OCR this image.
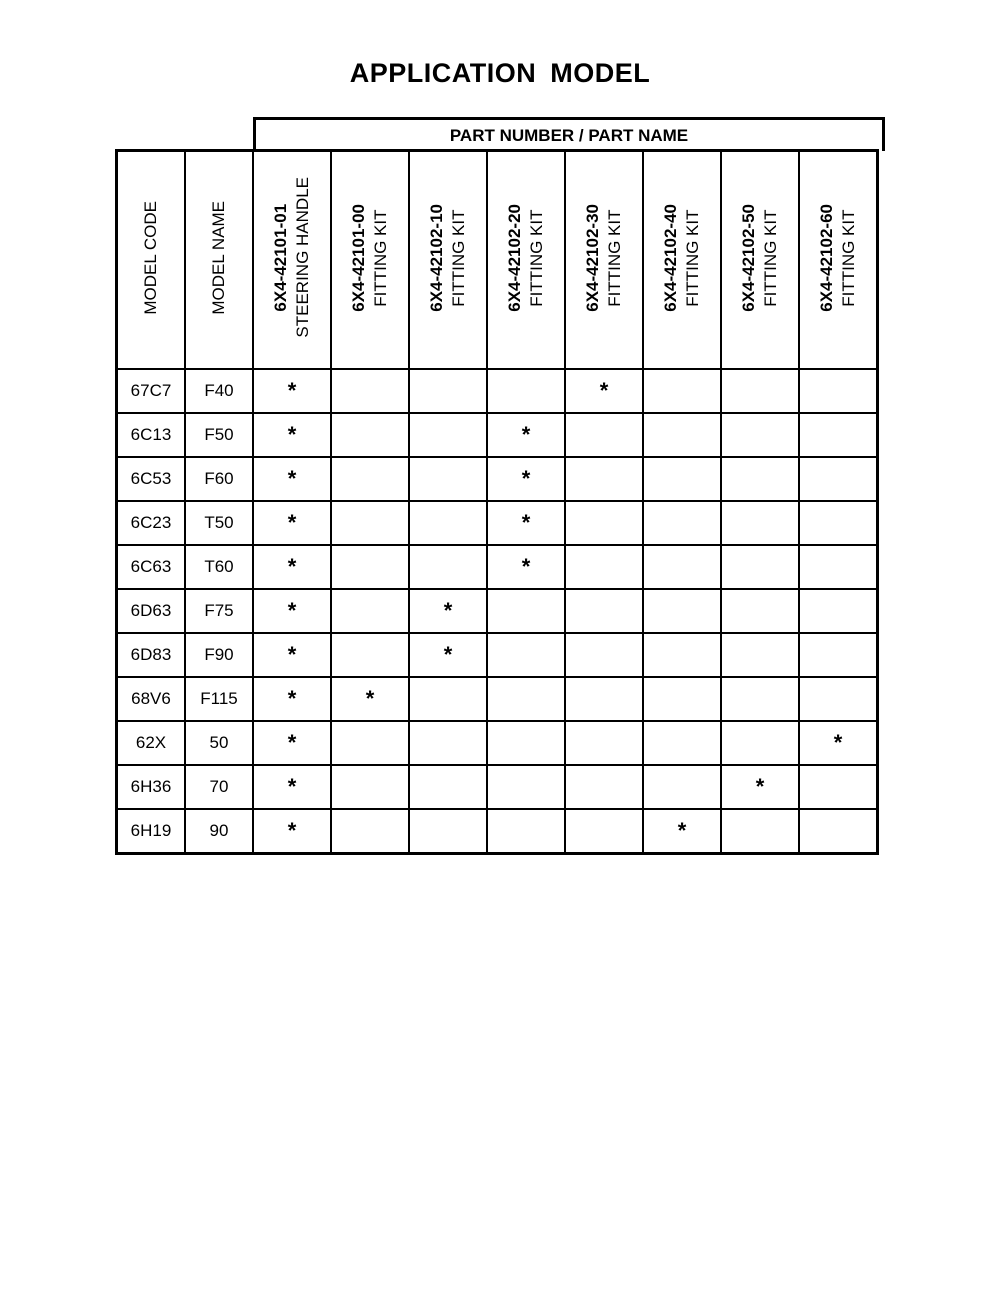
APPLICATION MODEL
PART NUMBER / PART NAME
MODEL CODE	MODEL NAME	6X4-42101-01 STEERING HANDLE	6X4-42101-00 FITTING KIT	6X4-42102-10 FITTING KIT	6X4-42102-20 FITTING KIT	6X4-42102-30 FITTING KIT	6X4-42102-40 FITTING KIT	6X4-42102-50 FITTING KIT	6X4-42102-60 FITTING KIT
67C7	F40	*				*			
6C13	F50	*			*				
6C53	F60	*			*				
6C23	T50	*			*				
6C63	T60	*			*				
6D63	F75	*		*					
6D83	F90	*		*					
68V6	F115	*	*						
62X	50	*							*
6H36	70	*						*	
6H19	90	*					*		
